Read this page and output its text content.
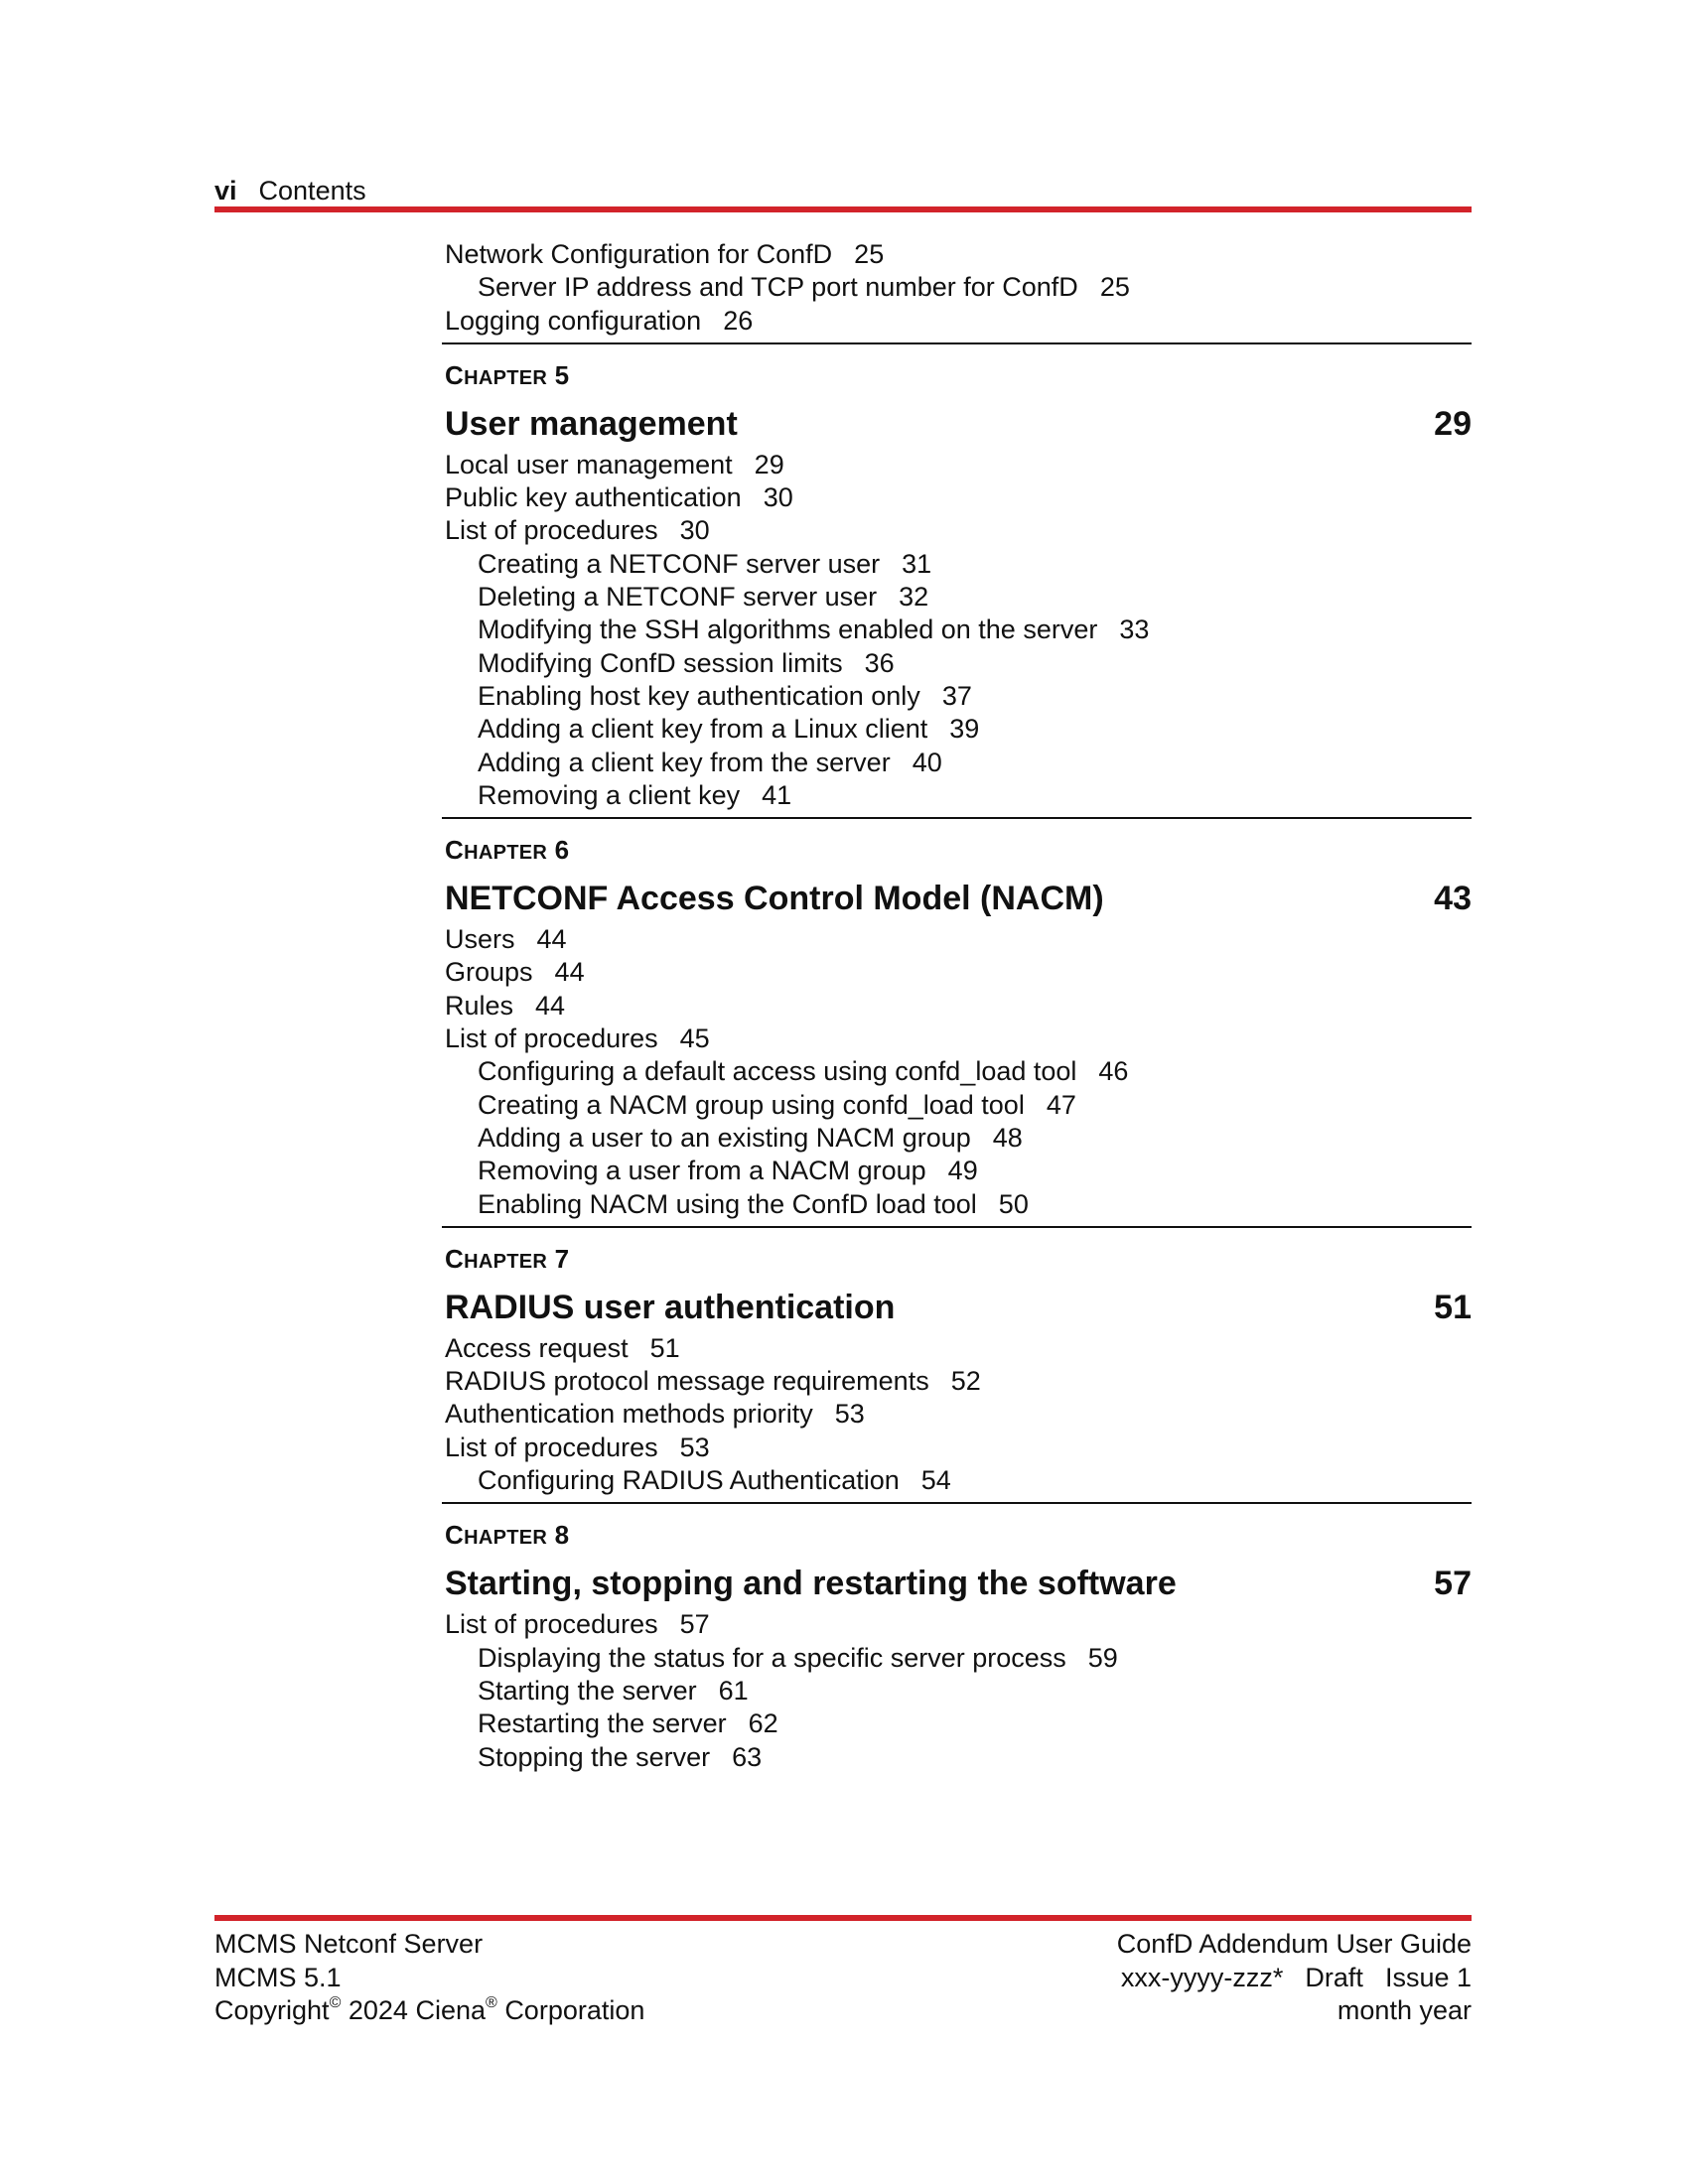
vi Contents
Network Configuration for ConfD 25
Server IP address and TCP port number for ConfD 25
Logging configuration 26
CHAPTER 5
User management	29
Local user management 29
Public key authentication 30
List of procedures 30
Creating a NETCONF server user 31
Deleting a NETCONF server user 32
Modifying the SSH algorithms enabled on the server 33
Modifying ConfD session limits 36
Enabling host key authentication only 37
Adding a client key from a Linux client 39
Adding a client key from the server 40
Removing a client key 41
CHAPTER 6
NETCONF Access Control Model (NACM)	43
Users 44
Groups 44
Rules 44
List of procedures 45
Configuring a default access using confd_load tool 46
Creating a NACM group using confd_load tool 47
Adding a user to an existing NACM group 48
Removing a user from a NACM group 49
Enabling NACM using the ConfD load tool 50
CHAPTER 7
RADIUS user authentication	51
Access request 51
RADIUS protocol message requirements 52
Authentication methods priority 53
List of procedures 53
Configuring RADIUS Authentication 54
CHAPTER 8
Starting, stopping and restarting the software	57
List of procedures 57
Displaying the status for a specific server process 59
Starting the server 61
Restarting the server 62
Stopping the server 63
MCMS Netconf Server
MCMS 5.1
Copyright© 2024 Ciena® Corporation
ConfD Addendum User Guide
xxx-yyyy-zzz* Draft Issue 1
month year
